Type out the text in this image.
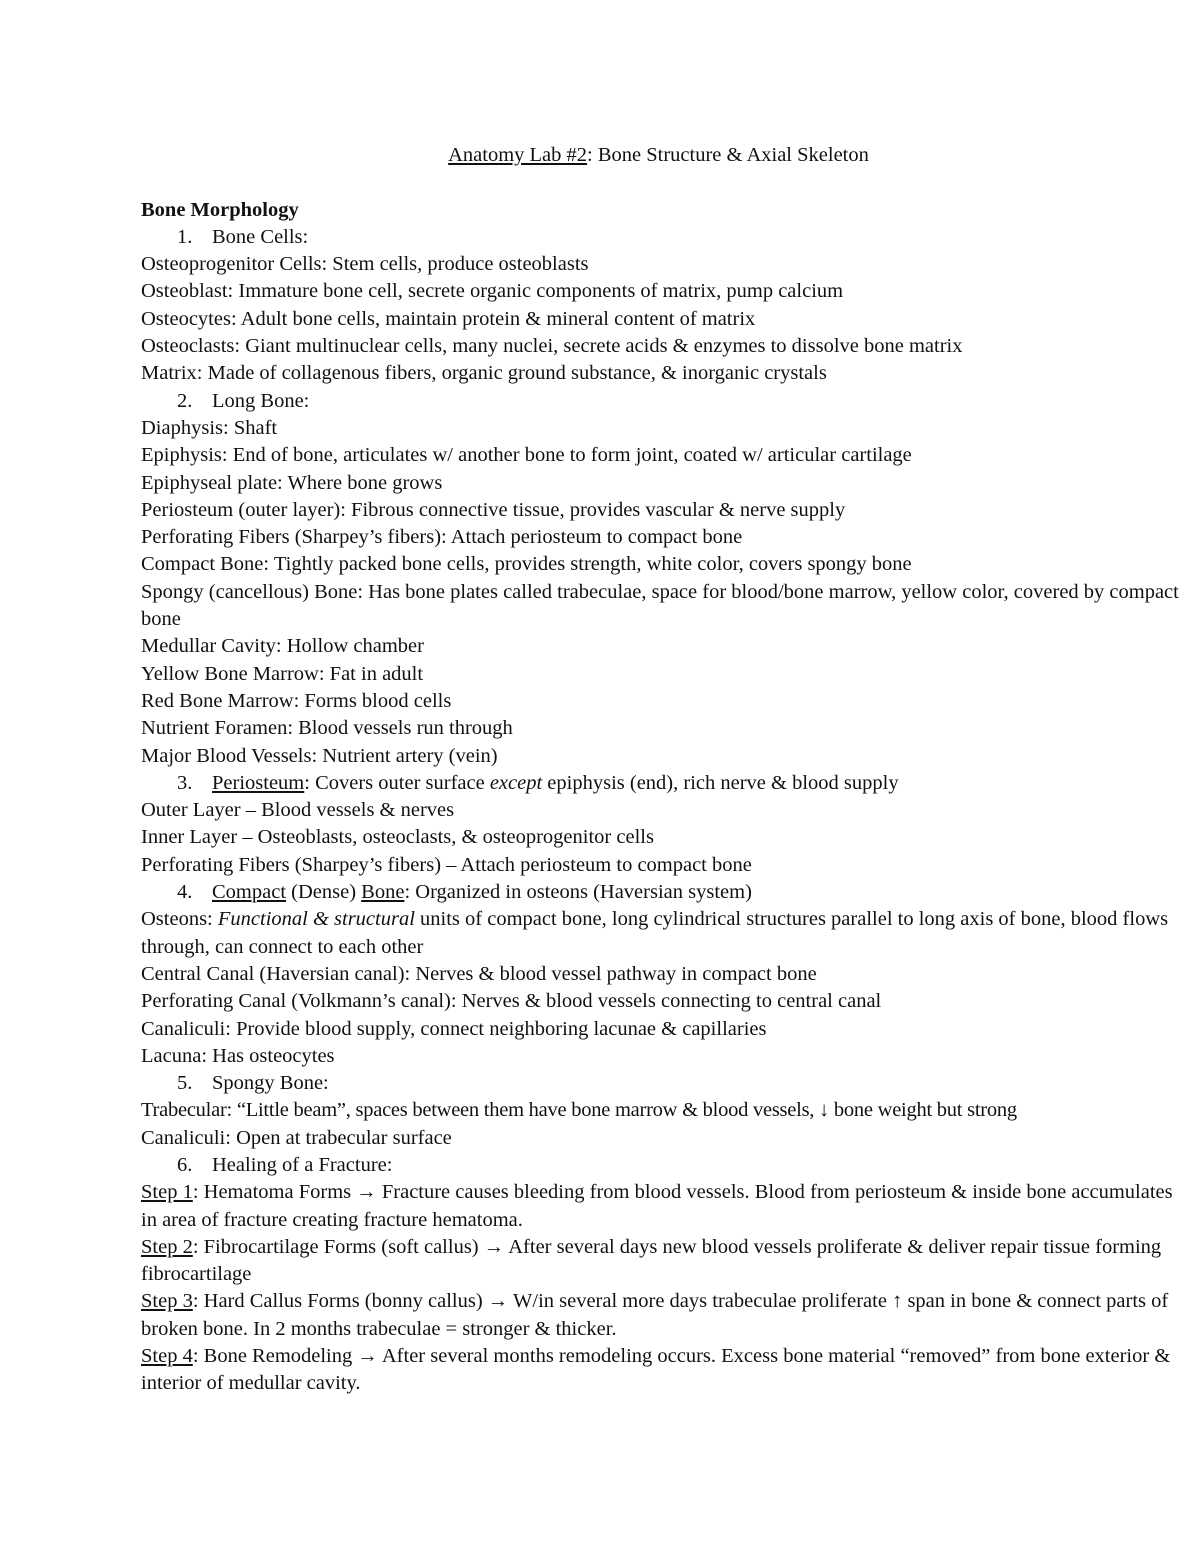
Anatomy Lab #2: Bone Structure & Axial Skeleton
Bone Morphology
1. Bone Cells:
Osteoprogenitor Cells: Stem cells, produce osteoblasts
Osteoblast: Immature bone cell, secrete organic components of matrix, pump calcium
Osteocytes: Adult bone cells, maintain protein & mineral content of matrix
Osteoclasts: Giant multinuclear cells, many nuclei, secrete acids & enzymes to dissolve bone matrix
Matrix: Made of collagenous fibers, organic ground substance, & inorganic crystals
2. Long Bone:
Diaphysis: Shaft
Epiphysis: End of bone, articulates w/ another bone to form joint, coated w/ articular cartilage
Epiphyseal plate: Where bone grows
Periosteum (outer layer): Fibrous connective tissue, provides vascular & nerve supply
Perforating Fibers (Sharpey’s fibers): Attach periosteum to compact bone
Compact Bone: Tightly packed bone cells, provides strength, white color, covers spongy bone
Spongy (cancellous) Bone: Has bone plates called trabeculae, space for blood/bone marrow, yellow color, covered by compact bone
Medullar Cavity: Hollow chamber
Yellow Bone Marrow: Fat in adult
Red Bone Marrow: Forms blood cells
Nutrient Foramen: Blood vessels run through
Major Blood Vessels: Nutrient artery (vein)
3. Periosteum: Covers outer surface except epiphysis (end), rich nerve & blood supply
Outer Layer – Blood vessels & nerves
Inner Layer – Osteoblasts, osteoclasts, & osteoprogenitor cells
Perforating Fibers (Sharpey’s fibers) – Attach periosteum to compact bone
4. Compact (Dense) Bone: Organized in osteons (Haversian system)
Osteons: Functional & structural units of compact bone, long cylindrical structures parallel to long axis of bone, blood flows through, can connect to each other
Central Canal (Haversian canal): Nerves & blood vessel pathway in compact bone
Perforating Canal (Volkmann’s canal): Nerves & blood vessels connecting to central canal
Canaliculi: Provide blood supply, connect neighboring lacunae & capillaries
Lacuna: Has osteocytes
5. Spongy Bone:
Trabecular: “Little beam”, spaces between them have bone marrow & blood vessels, ↓ bone weight but strong
Canaliculi: Open at trabecular surface
6. Healing of a Fracture:
Step 1: Hematoma Forms → Fracture causes bleeding from blood vessels. Blood from periosteum & inside bone accumulates in area of fracture creating fracture hematoma.
Step 2: Fibrocartilage Forms (soft callus) → After several days new blood vessels proliferate & deliver repair tissue forming fibrocartilage
Step 3: Hard Callus Forms (bonny callus) → W/in several more days trabeculae proliferate ↑ span in bone & connect parts of broken bone. In 2 months trabeculae = stronger & thicker.
Step 4: Bone Remodeling → After several months remodeling occurs. Excess bone material “removed” from bone exterior & interior of medullar cavity.
